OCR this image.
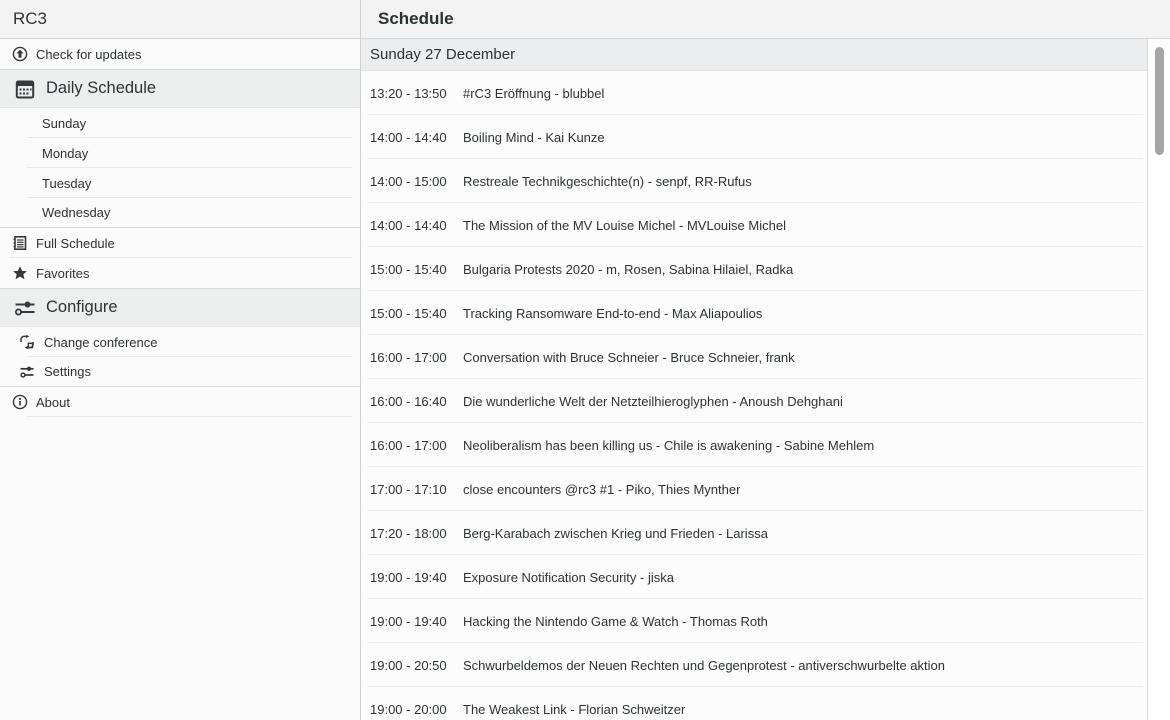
RC3
Check for updates
Daily Schedule
Sunday
Monday
Tuesday
Wednesday
Full Schedule
Favorites
Configure
Change conference
Settings
About
Schedule
Sunday 27 December
13:20 - 13:50	#rC3 Eröffnung - blubbel
14:00 - 14:40	Boiling Mind - Kai Kunze
14:00 - 15:00	Restreale Technikgeschichte(n) - senpf, RR-Rufus
14:00 - 14:40	The Mission of the MV Louise Michel - MVLouise Michel
15:00 - 15:40	Bulgaria Protests 2020 - m, Rosen, Sabina Hilaiel, Radka
15:00 - 15:40	Tracking Ransomware End-to-end - Max Aliapoulios
16:00 - 17:00	Conversation with Bruce Schneier - Bruce Schneier, frank
16:00 - 16:40	Die wunderliche Welt der Netzteilhieroglyphen - Anoush Dehghani
16:00 - 17:00	Neoliberalism has been killing us - Chile is awakening - Sabine Mehlem
17:00 - 17:10	close encounters @rc3 #1 - Piko, Thies Mynther
17:20 - 18:00	Berg-Karabach zwischen Krieg und Frieden - Larissa
19:00 - 19:40	Exposure Notification Security - jiska
19:00 - 19:40	Hacking the Nintendo Game & Watch - Thomas Roth
19:00 - 20:50	Schwurbeldemos der Neuen Rechten und Gegenprotest - antiverschwurbelte aktion
19:00 - 20:00	The Weakest Link - Florian Schweitzer
